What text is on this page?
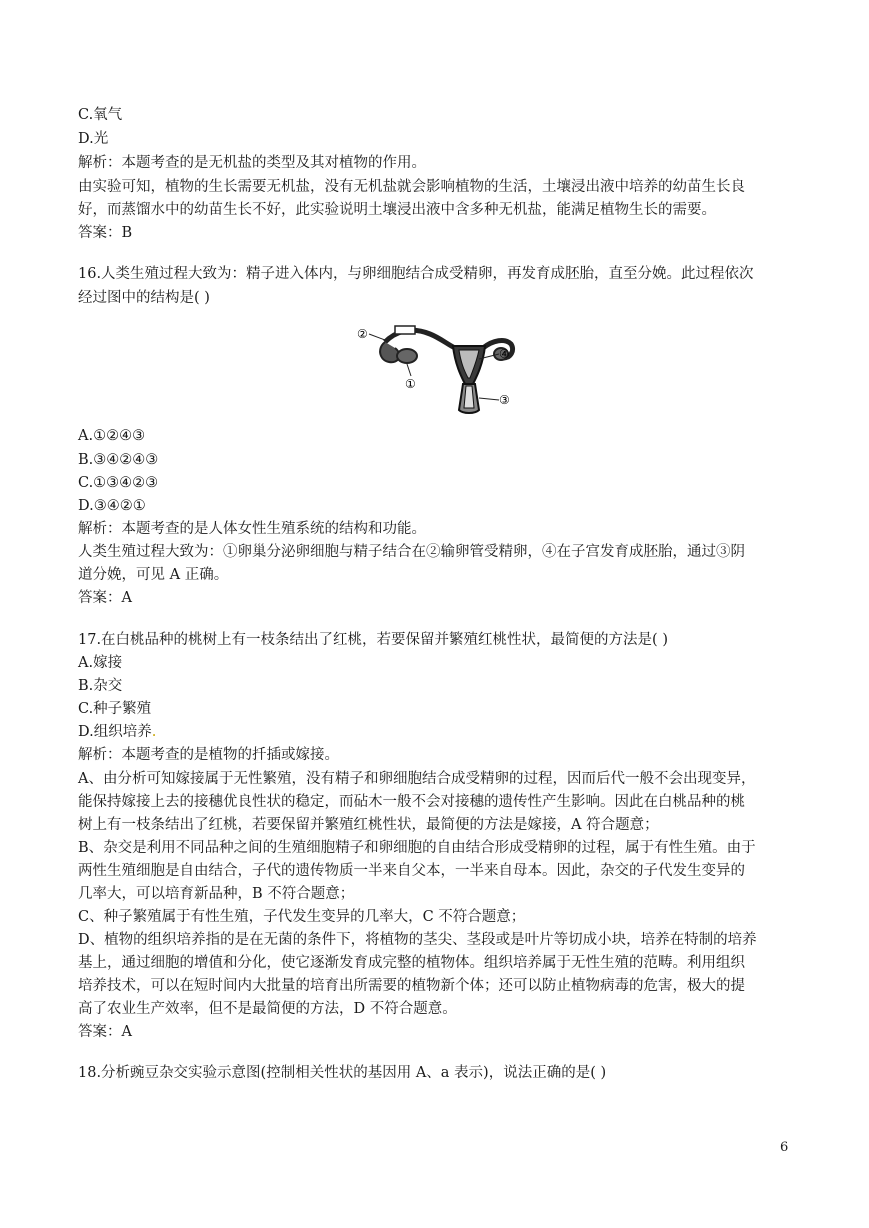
C.氧气
D.光
解析：本题考查的是无机盐的类型及其对植物的作用。
由实验可知，植物的生长需要无机盐，没有无机盐就会影响植物的生活，土壤浸出液中培养的幼苗生长良
好，而蒸馏水中的幼苗生长不好，此实验说明土壤浸出液中含多种无机盐，能满足植物生长的需要。
答案：B
16.人类生殖过程大致为：精子进入体内，与卵细胞结合成受精卵，再发育成胚胎，直至分娩。此过程依次
经过图中的结构是( )
②
④
③
①
A.①②④③
B.③④②④③
C.①③④②③
D.③④②①
解析：本题考查的是人体女性生殖系统的结构和功能。
人类生殖过程大致为：①卵巢分泌卵细胞与精子结合在②输卵管受精卵，④在子宫发育成胚胎，通过③阴
道分娩，可见 A 正确。
答案：A
17.在白桃品种的桃树上有一枝条结出了红桃，若要保留并繁殖红桃性状，最简便的方法是( )
A.嫁接
B.杂交
C.种子繁殖
D.组织培养.
解析：本题考查的是植物的扦插或嫁接。
A、由分析可知嫁接属于无性繁殖，没有精子和卵细胞结合成受精卵的过程，因而后代一般不会出现变异，
能保持嫁接上去的接穗优良性状的稳定，而砧木一般不会对接穗的遗传性产生影响。因此在白桃品种的桃
树上有一枝条结出了红桃，若要保留并繁殖红桃性状，最简便的方法是嫁接，A 符合题意；
B、杂交是利用不同品种之间的生殖细胞精子和卵细胞的自由结合形成受精卵的过程，属于有性生殖。由于
两性生殖细胞是自由结合，子代的遗传物质一半来自父本，一半来自母本。因此，杂交的子代发生变异的
几率大，可以培育新品种，B 不符合题意；
C、种子繁殖属于有性生殖，子代发生变异的几率大，C 不符合题意；
D、植物的组织培养指的是在无菌的条件下，将植物的茎尖、茎段或是叶片等切成小块，培养在特制的培养
基上，通过细胞的增值和分化，使它逐渐发育成完整的植物体。组织培养属于无性生殖的范畴。利用组织
培养技术，可以在短时间内大批量的培育出所需要的植物新个体；还可以防止植物病毒的危害，极大的提
高了农业生产效率，但不是最简便的方法，D 不符合题意。
答案：A
18.分析豌豆杂交实验示意图(控制相关性状的基因用 A、a 表示)，说法正确的是( )
6
